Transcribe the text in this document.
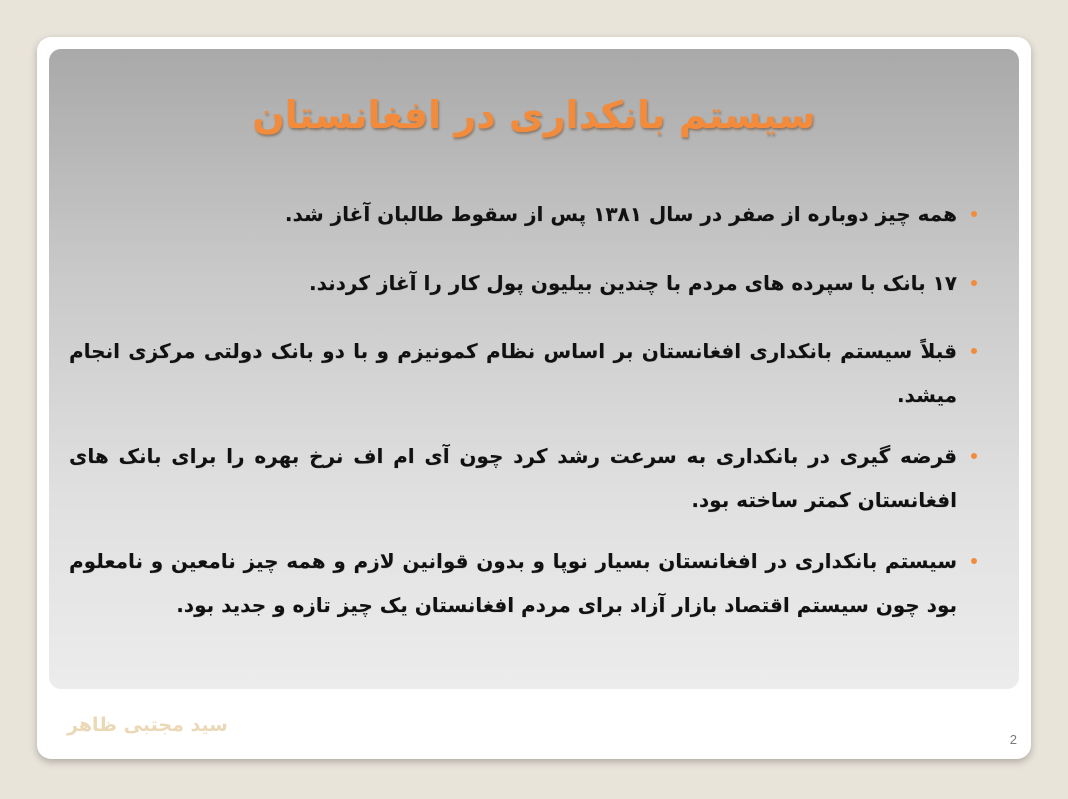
سیستم بانکداری در افغانستان
همه چیز دوباره از صفر در سال ۱۳۸۱ پس از سقوط طالبان آغاز شد.
۱۷ بانک با سپرده های مردم با چندین بیلیون پول کار را آغاز کردند.
قبلاً سیستم بانکداری افغانستان بر اساس نظام کمونیزم و با دو بانک دولتی مرکزی انجام میشد.
قرضه گیری در بانکداری به سرعت رشد کرد چون آی ام اف نرخ بهره را برای بانک های افغانستان کمتر ساخته بود.
سیستم بانکداری در افغانستان بسیار نوپا و بدون قوانین لازم و همه چیز نامعین و نامعلوم بود چون سیستم اقتصاد بازار آزاد برای مردم افغانستان یک چیز تازه و جدید بود.
سید مجتبی ظاهر
2
